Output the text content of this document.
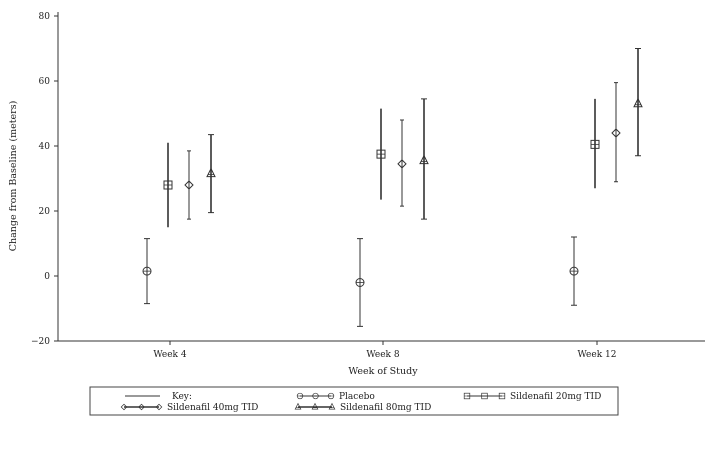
−20
0
20
40
60
80
Week 4	Week 8	Week 12
Week of Study
Change from Baseline (meters)
Key:	Placebo	Sildenafil 20mg TID
Sildenafil 40mg TID	Sildenafil 80mg TID
